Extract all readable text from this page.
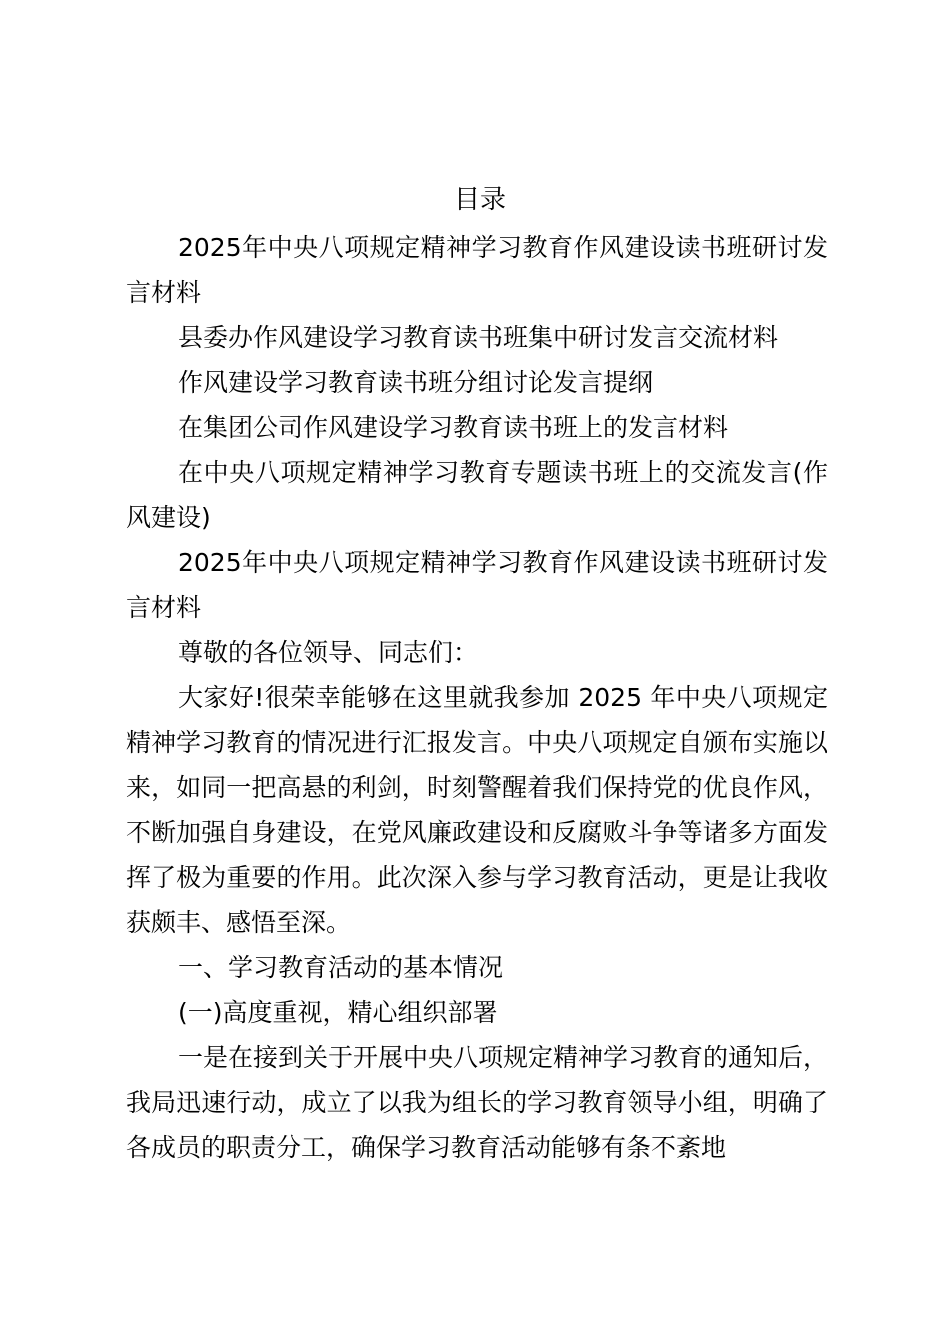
目录

2025年中央八项规定精神学习教育作风建设读书班研讨发言材料

县委办作风建设学习教育读书班集中研讨发言交流材料

作风建设学习教育读书班分组讨论发言提纲

在集团公司作风建设学习教育读书班上的发言材料

在中央八项规定精神学习教育专题读书班上的交流发言(作风建设)

2025年中央八项规定精神学习教育作风建设读书班研讨发言材料

尊敬的各位领导、同志们：

大家好!很荣幸能够在这里就我参加 2025 年中央八项规定精神学习教育的情况进行汇报发言。中央八项规定自颁布实施以来，如同一把高悬的利剑，时刻警醒着我们保持党的优良作风，不断加强自身建设，在党风廉政建设和反腐败斗争等诸多方面发挥了极为重要的作用。此次深入参与学习教育活动，更是让我收获颇丰、感悟至深。

一、学习教育活动的基本情况

(一)高度重视，精心组织部署

一是在接到关于开展中央八项规定精神学习教育的通知后，我局迅速行动，成立了以我为组长的学习教育领导小组，明确了各成员的职责分工，确保学习教育活动能够有条不紊地
